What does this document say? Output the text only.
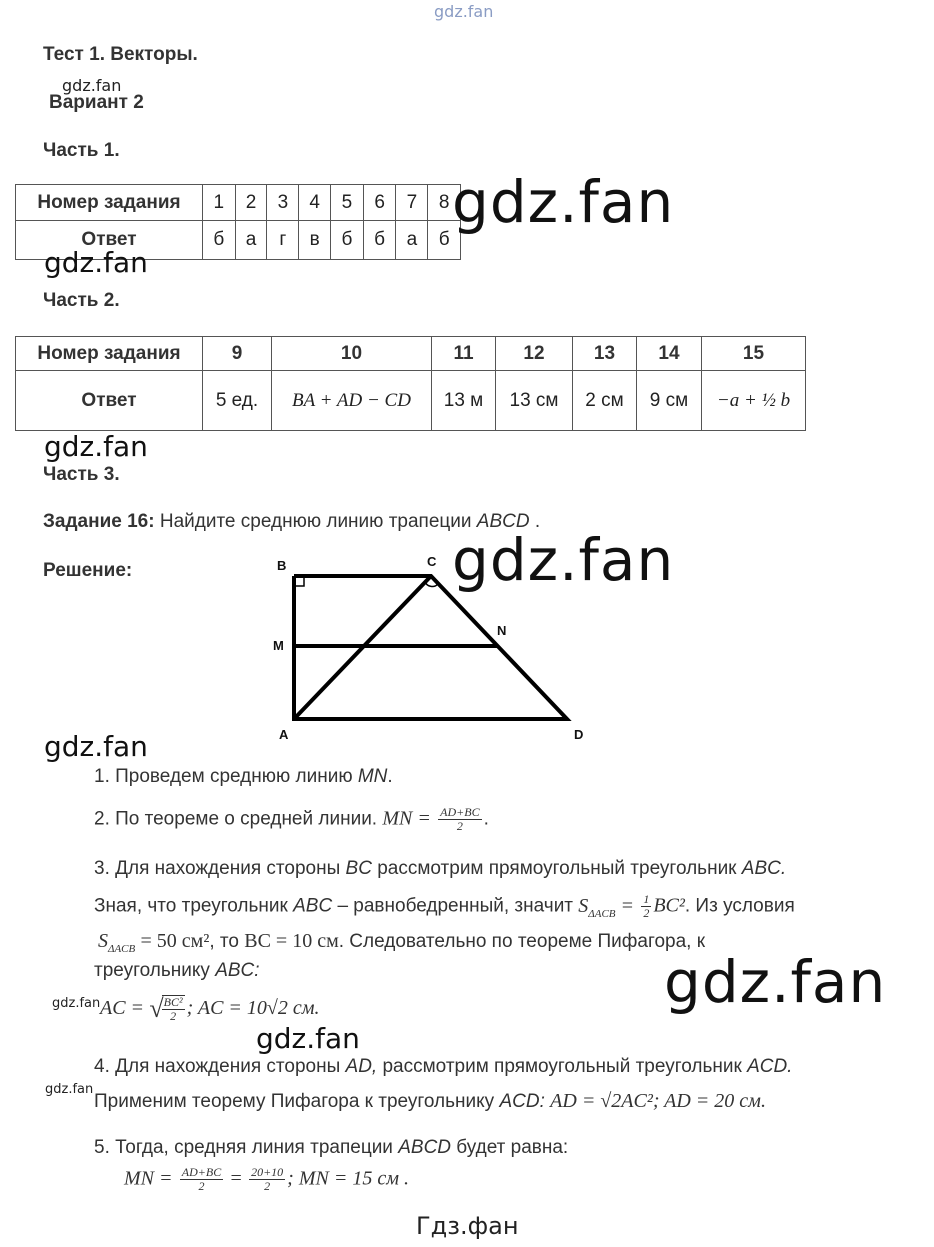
gdz.fan
Тест 1. Векторы.
gdz.fan
Вариант 2
Часть 1.
Номер задания	1	2	3	4	5	6	7	8
Ответ	б	а	г	в	б	б	а	б
gdz.fan
gdz.fan
Часть 2.
Номер задания	9	10	11	12	13	14	15
Ответ	5 ед.	BA + AD − CD	13 м	13 см	2 см	9 см	−a + ½ b
gdz.fan
Часть 3.
Задание 16: Найдите среднюю линию трапеции ABCD .
Решение:	gdz.fan
B	C
M
N
A	D
gdz.fan
1. Проведем среднюю линию MN.
2. По теореме о средней линии. MN = $\frac{AD+BC}{2}$ .
3. Для нахождения стороны BC рассмотрим прямоугольный треугольник ABC.
Зная, что треугольник ABC – равнобедренный, значит $S_{\Delta ACB} = \frac{1}{2} BC^2$. Из условия
$S_{\Delta ACB} = 50$ см², то BC = 10 см. Следовательно по теореме Пифагора, к
треугольнику ABC:	gdz.fan
gdz.fan AC = √
$\frac{\text{BC²}}{2}$ ; AC = 10√2 см.
gdz.fan
4. Для нахождения стороны AD, рассмотрим прямоугольный треугольник ACD.
gdz.fan
Применим теорему Пифагора к треугольнику ACD: AD = √2AC²; AD = 20 см.
5. Тогда, средняя линия трапеции ABCD будет равна:
MN = $\frac{AD+BC}{2} = \frac{20+10}{2}$ ; MN = 15 см .
Гдз.фан
